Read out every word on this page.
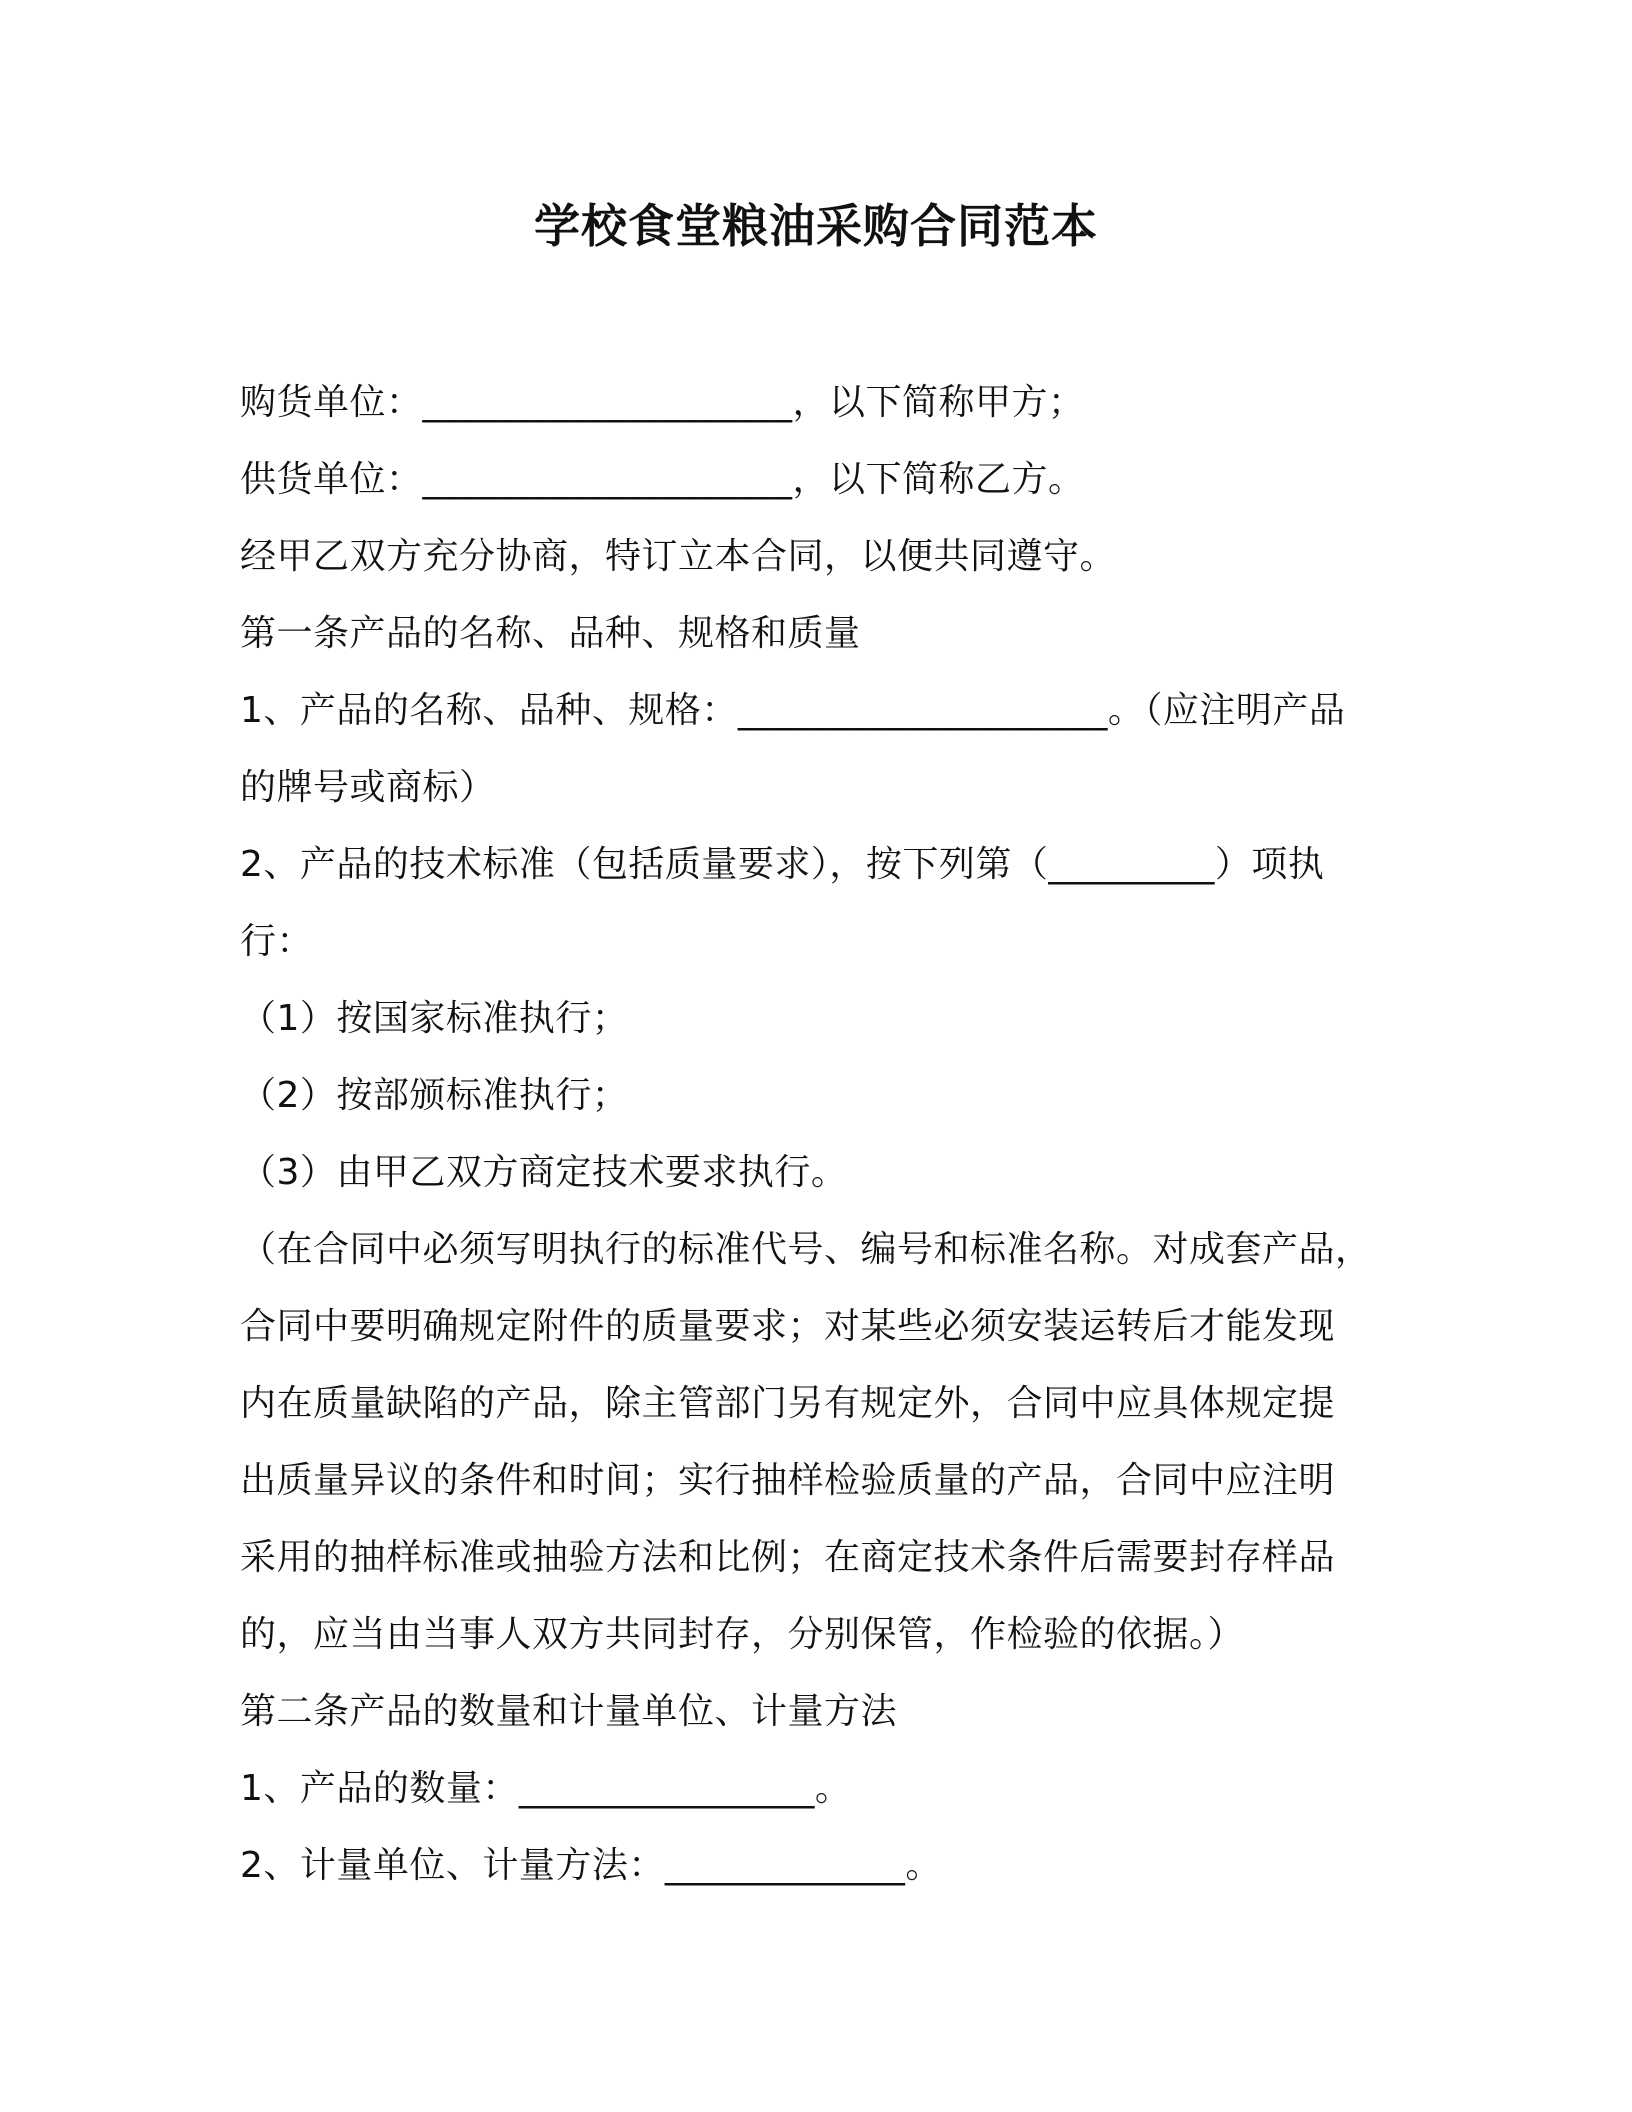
学校食堂粮油采购合同范本
购货单位：____________________，以下简称甲方；
供货单位：____________________，以下简称乙方。
经甲乙双方充分协商，特订立本合同，以便共同遵守。
第一条产品的名称、品种、规格和质量
1、产品的名称、品种、规格：____________________。（应注明产品
的牌号或商标）
2、产品的技术标准（包括质量要求），按下列第（_________）项执
行：
（1）按国家标准执行；
（2）按部颁标准执行；
（3）由甲乙双方商定技术要求执行。
（在合同中必须写明执行的标准代号、编号和标准名称。对成套产品，
合同中要明确规定附件的质量要求；对某些必须安装运转后才能发现
内在质量缺陷的产品，除主管部门另有规定外，合同中应具体规定提
出质量异议的条件和时间；实行抽样检验质量的产品，合同中应注明
采用的抽样标准或抽验方法和比例；在商定技术条件后需要封存样品
的，应当由当事人双方共同封存，分别保管，作检验的依据。）
第二条产品的数量和计量单位、计量方法
1、产品的数量：________________。
2、计量单位、计量方法：_____________。
